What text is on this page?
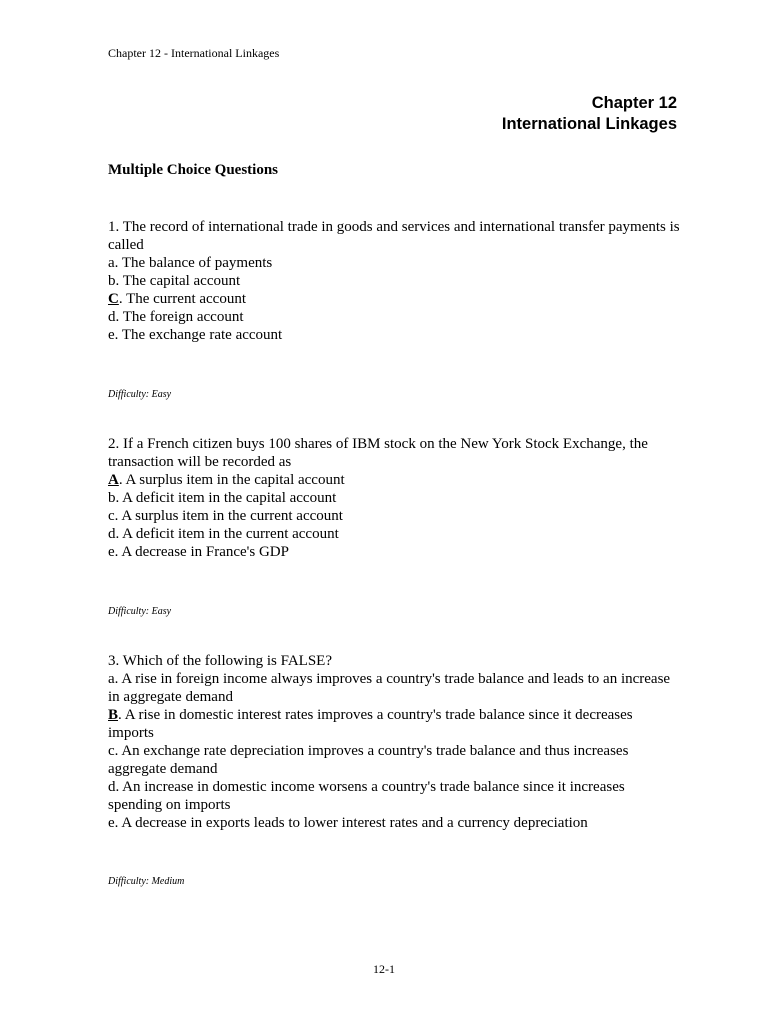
Chapter 12 - International Linkages
Chapter 12
International Linkages
Multiple Choice Questions
1. The record of international trade in goods and services and international transfer payments is called
a. The balance of payments
b. The capital account
C. The current account
d. The foreign account
e. The exchange rate account
Difficulty: Easy
2. If a French citizen buys 100 shares of IBM stock on the New York Stock Exchange, the transaction will be recorded as
A. A surplus item in the capital account
b. A deficit item in the capital account
c. A surplus item in the current account
d. A deficit item in the current account
e. A decrease in France's GDP
Difficulty: Easy
3. Which of the following is FALSE?
a. A rise in foreign income always improves a country's trade balance and leads to an increase in aggregate demand
B. A rise in domestic interest rates improves a country's trade balance since it decreases imports
c. An exchange rate depreciation improves a country's trade balance and thus increases aggregate demand
d. An increase in domestic income worsens a country's trade balance since it increases spending on imports
e. A decrease in exports leads to lower interest rates and a currency depreciation
Difficulty: Medium
12-1
